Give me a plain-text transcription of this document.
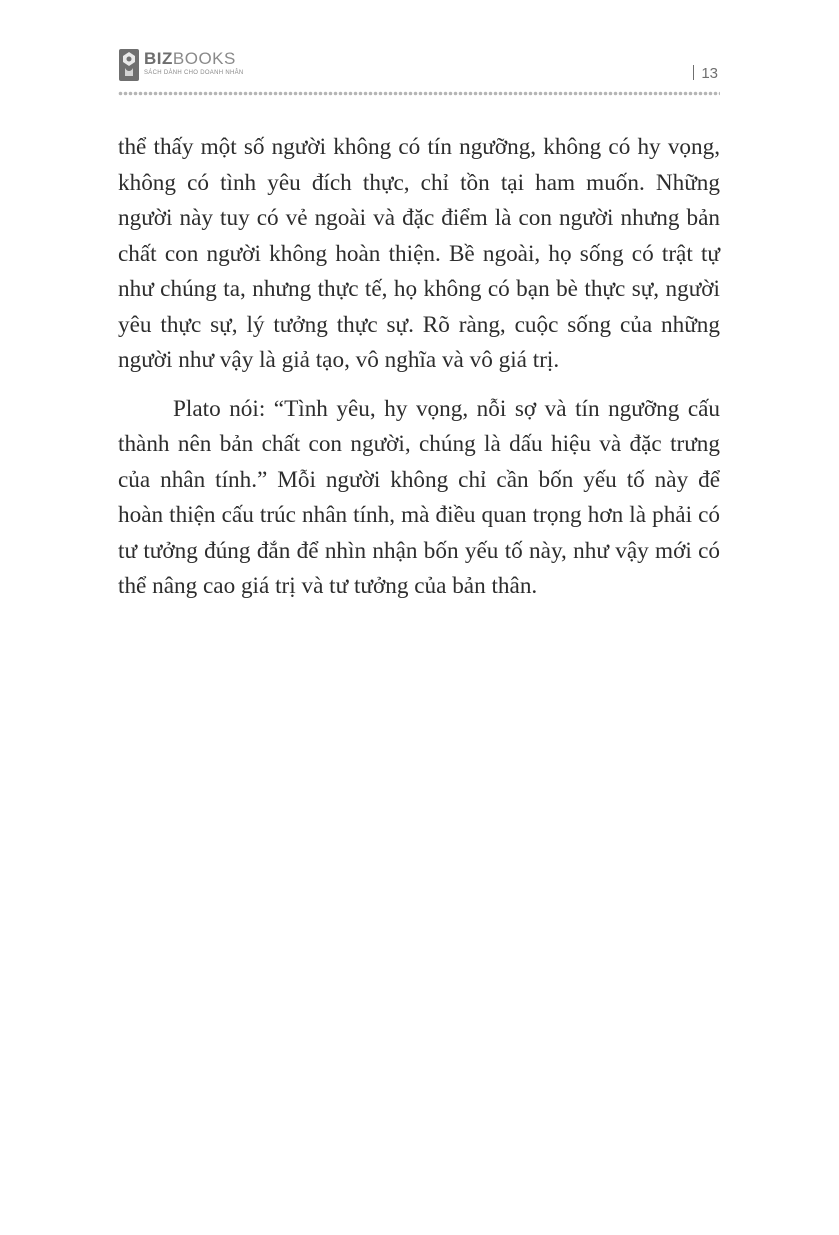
BIZBOOKS
SÁCH DÀNH CHO DOANH NHÂN	13

thể thấy một số người không có tín ngưỡng, không có hy vọng, không có tình yêu đích thực, chỉ tồn tại ham muốn. Những người này tuy có vẻ ngoài và đặc điểm là con người nhưng bản chất con người không hoàn thiện. Bề ngoài, họ sống có trật tự như chúng ta, nhưng thực tế, họ không có bạn bè thực sự, người yêu thực sự, lý tưởng thực sự. Rõ ràng, cuộc sống của những người như vậy là giả tạo, vô nghĩa và vô giá trị.

Plato nói: “Tình yêu, hy vọng, nỗi sợ và tín ngưỡng cấu thành nên bản chất con người, chúng là dấu hiệu và đặc trưng của nhân tính.” Mỗi người không chỉ cần bốn yếu tố này để hoàn thiện cấu trúc nhân tính, mà điều quan trọng hơn là phải có tư tưởng đúng đắn để nhìn nhận bốn yếu tố này, như vậy mới có thể nâng cao giá trị và tư tưởng của bản thân.
